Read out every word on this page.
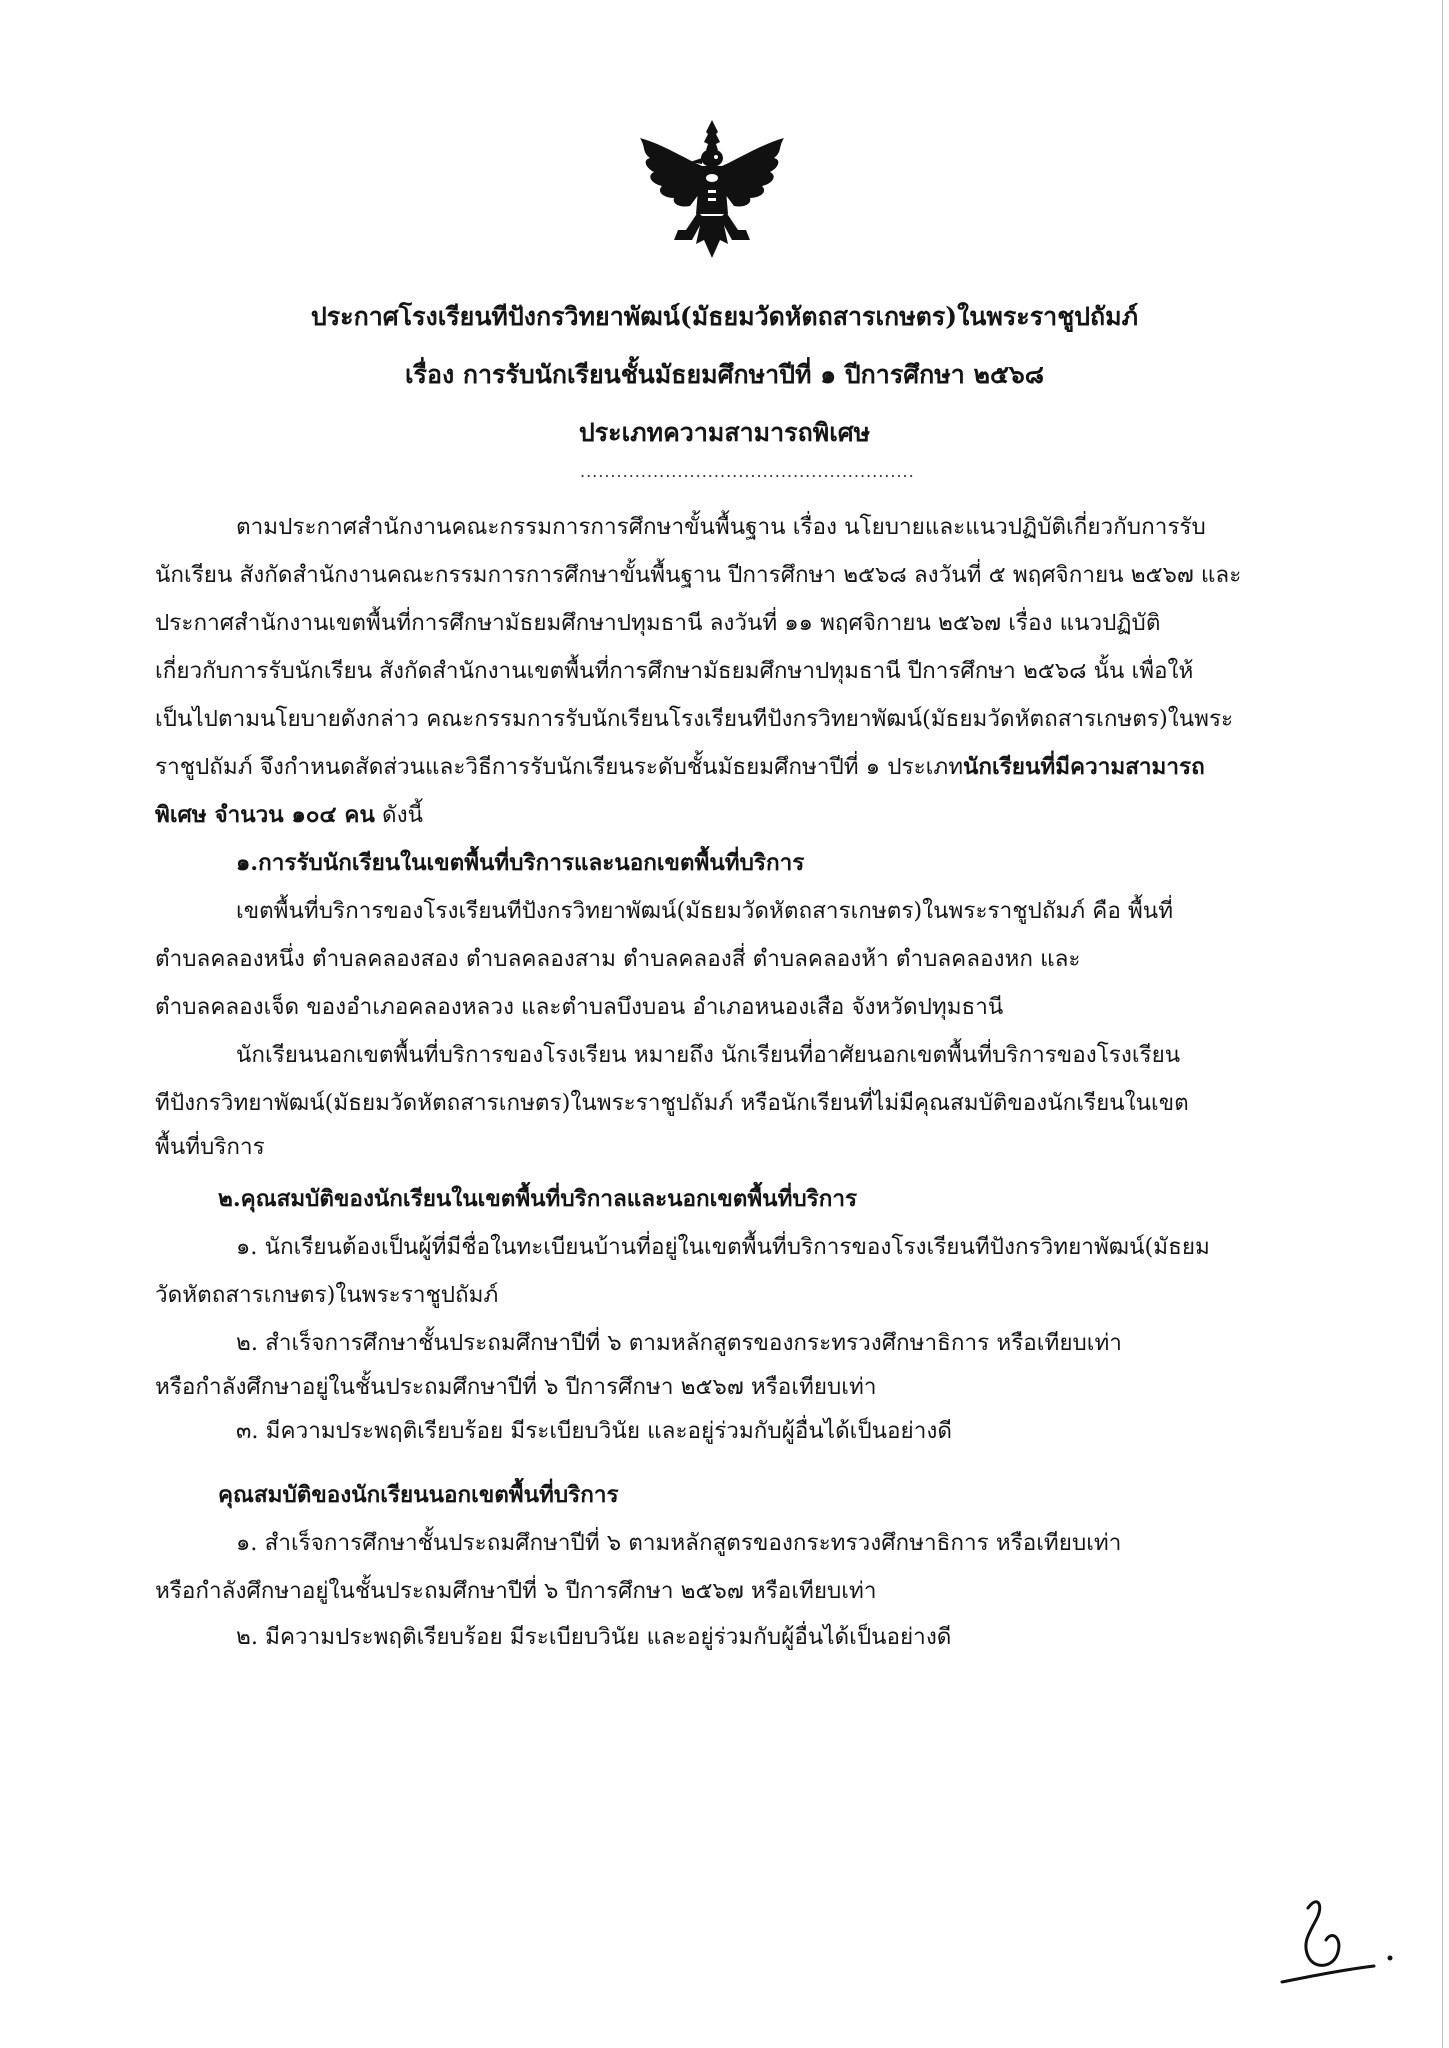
ประกาศโรงเรียนทีปังกรวิทยาพัฒน์(มัธยมวัดหัตถสารเกษตร)ในพระราชูปถัมภ์
เรื่อง การรับนักเรียนชั้นมัธยมศึกษาปีที่ ๑ ปีการศึกษา ๒๕๖๘
ประเภทความสามารถพิเศษ
.......................................................
ตามประกาศสำนักงานคณะกรรมการการศึกษาขั้นพื้นฐาน เรื่อง นโยบายและแนวปฏิบัติเกี่ยวกับการรับ
นักเรียน สังกัดสำนักงานคณะกรรมการการศึกษาขั้นพื้นฐาน ปีการศึกษา ๒๕๖๘ ลงวันที่ ๕ พฤศจิกายน ๒๕๖๗ และ
ประกาศสำนักงานเขตพื้นที่การศึกษามัธยมศึกษาปทุมธานี ลงวันที่ ๑๑ พฤศจิกายน ๒๕๖๗ เรื่อง แนวปฏิบัติ
เกี่ยวกับการรับนักเรียน สังกัดสำนักงานเขตพื้นที่การศึกษามัธยมศึกษาปทุมธานี ปีการศึกษา ๒๕๖๘ นั้น เพื่อให้
เป็นไปตามนโยบายดังกล่าว คณะกรรมการรับนักเรียนโรงเรียนทีปังกรวิทยาพัฒน์(มัธยมวัดหัตถสารเกษตร)ในพระ
ราชูปถัมภ์ จึงกำหนดสัดส่วนและวิธีการรับนักเรียนระดับชั้นมัธยมศึกษาปีที่ ๑ ประเภทนักเรียนที่มีความสามารถ
พิเศษ จำนวน ๑๐๔ คน ดังนี้
๑.การรับนักเรียนในเขตพื้นที่บริการและนอกเขตพื้นที่บริการ
เขตพื้นที่บริการของโรงเรียนทีปังกรวิทยาพัฒน์(มัธยมวัดหัตถสารเกษตร)ในพระราชูปถัมภ์ คือ พื้นที่
ตำบลคลองหนึ่ง ตำบลคลองสอง ตำบลคลองสาม ตำบลคลองสี่ ตำบลคลองห้า ตำบลคลองหก และ
ตำบลคลองเจ็ด ของอำเภอคลองหลวง และตำบลบึงบอน อำเภอหนองเสือ จังหวัดปทุมธานี
นักเรียนนอกเขตพื้นที่บริการของโรงเรียน หมายถึง นักเรียนที่อาศัยนอกเขตพื้นที่บริการของโรงเรียน
ทีปังกรวิทยาพัฒน์(มัธยมวัดหัตถสารเกษตร)ในพระราชูปถัมภ์ หรือนักเรียนที่ไม่มีคุณสมบัติของนักเรียนในเขต
พื้นที่บริการ
๒.คุณสมบัติของนักเรียนในเขตพื้นที่บริกาลและนอกเขตพื้นที่บริการ
๑. นักเรียนต้องเป็นผู้ที่มีชื่อในทะเบียนบ้านที่อยู่ในเขตพื้นที่บริการของโรงเรียนทีปังกรวิทยาพัฒน์(มัธยม
วัดหัตถสารเกษตร)ในพระราชูปถัมภ์
๒. สำเร็จการศึกษาชั้นประถมศึกษาปีที่ ๖ ตามหลักสูตรของกระทรวงศึกษาธิการ หรือเทียบเท่า
หรือกำลังศึกษาอยู่ในชั้นประถมศึกษาปีที่ ๖ ปีการศึกษา ๒๕๖๗ หรือเทียบเท่า
๓. มีความประพฤติเรียบร้อย มีระเบียบวินัย และอยู่ร่วมกับผู้อื่นได้เป็นอย่างดี
คุณสมบัติของนักเรียนนอกเขตพื้นที่บริการ
๑. สำเร็จการศึกษาชั้นประถมศึกษาปีที่ ๖ ตามหลักสูตรของกระทรวงศึกษาธิการ หรือเทียบเท่า
หรือกำลังศึกษาอยู่ในชั้นประถมศึกษาปีที่ ๖ ปีการศึกษา ๒๕๖๗ หรือเทียบเท่า
๒. มีความประพฤติเรียบร้อย มีระเบียบวินัย และอยู่ร่วมกับผู้อื่นได้เป็นอย่างดี
